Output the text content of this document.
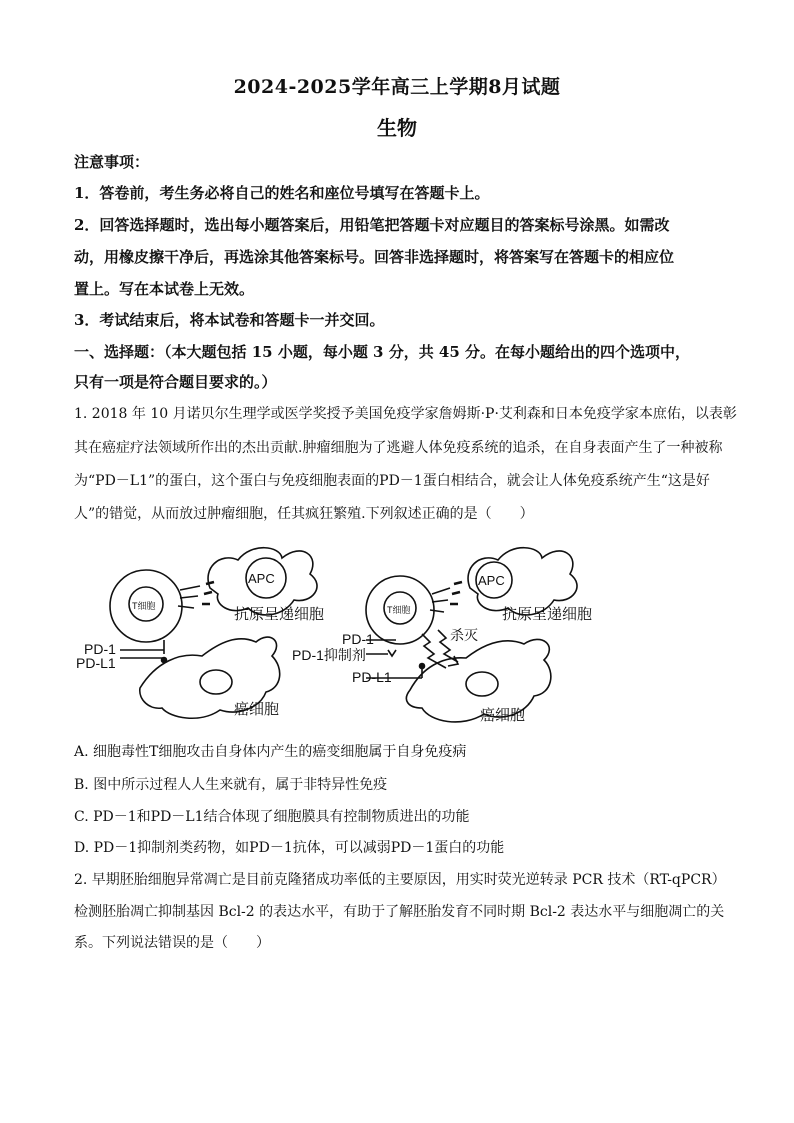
2024-2025学年高三上学期8月试题
生物
注意事项：
1．答卷前，考生务必将自己的姓名和座位号填写在答题卡上。
2．回答选择题时，选出每小题答案后，用铅笔把答题卡对应题目的答案标号涂黑。如需改
动，用橡皮擦干净后，再选涂其他答案标号。回答非选择题时，将答案写在答题卡的相应位
置上。写在本试卷上无效。
3．考试结束后，将本试卷和答题卡一并交回。
一、选择题：（本大题包括 15 小题，每小题 3 分，共 45 分。在每小题给出的四个选项中，
只有一项是符合题目要求的。）
1. 2018 年 10 月诺贝尔生理学或医学奖授予美国免疫学家詹姆斯·P·艾利森和日本免疫学家本庶佑，以表彰
其在癌症疗法领域所作出的杰出贡献.肿瘤细胞为了逃避人体免疫系统的追杀，在自身表面产生了一种被称
为“PD－L1”的蛋白，这个蛋白与免疫细胞表面的PD－1蛋白相结合，就会让人体免疫系统产生“这是好
人”的错觉，从而放过肿瘤细胞，任其疯狂繁殖.下列叙述正确的是（　　）
APC
T细胞	抗原呈递细胞
PD-1
PD-L1
癌细胞
APC
T细胞	抗原呈递细胞
PD-1	杀灭
PD-1抑制剂
PD-L1
癌细胞
A. 细胞毒性T细胞攻击自身体内产生的癌变细胞属于自身免疫病
B. 图中所示过程人人生来就有，属于非特异性免疫
C. PD－1和PD－L1结合体现了细胞膜具有控制物质进出的功能
D. PD－1抑制剂类药物，如PD－1抗体，可以减弱PD－1蛋白的功能
2. 早期胚胎细胞异常凋亡是目前克隆猪成功率低的主要原因，用实时荧光逆转录 PCR 技术（RT-qPCR）
检测胚胎凋亡抑制基因 Bcl-2 的表达水平，有助于了解胚胎发育不同时期 Bcl-2 表达水平与细胞凋亡的关
系。下列说法错误的是（　　）
